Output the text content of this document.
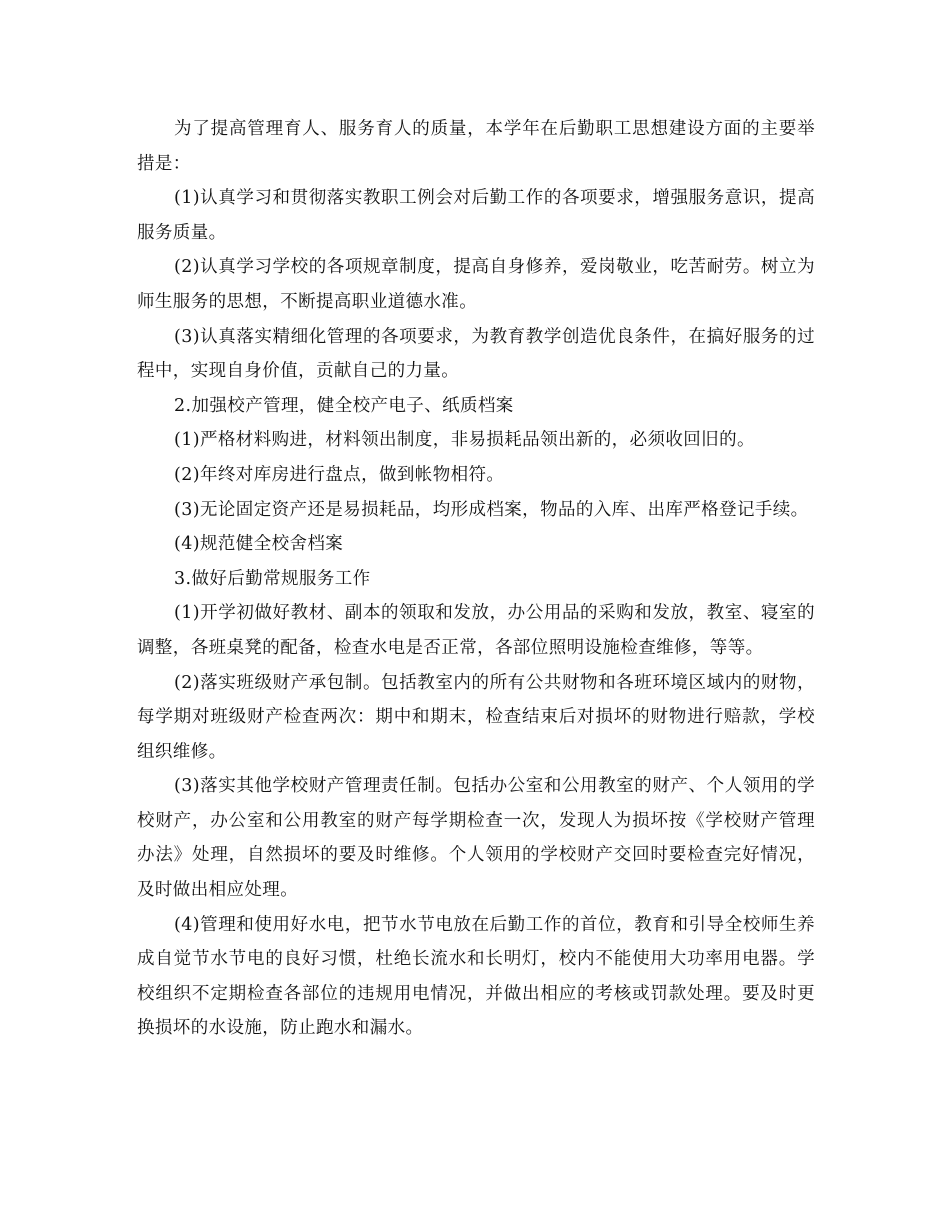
为了提高管理育人、服务育人的质量，本学年在后勤职工思想建设方面的主要举措是：

(1)认真学习和贯彻落实教职工例会对后勤工作的各项要求，增强服务意识，提高服务质量。

(2)认真学习学校的各项规章制度，提高自身修养，爱岗敬业，吃苦耐劳。树立为师生服务的思想，不断提高职业道德水准。

(3)认真落实精细化管理的各项要求，为教育教学创造优良条件，在搞好服务的过程中，实现自身价值，贡献自己的力量。

2.加强校产管理，健全校产电子、纸质档案

(1)严格材料购进，材料领出制度，非易损耗品领出新的，必须收回旧的。

(2)年终对库房进行盘点，做到帐物相符。

(3)无论固定资产还是易损耗品，均形成档案，物品的入库、出库严格登记手续。

(4)规范健全校舍档案

3.做好后勤常规服务工作

(1)开学初做好教材、副本的领取和发放，办公用品的采购和发放，教室、寝室的调整，各班桌凳的配备，检查水电是否正常，各部位照明设施检查维修，等等。

(2)落实班级财产承包制。包括教室内的所有公共财物和各班环境区域内的财物，每学期对班级财产检查两次：期中和期末，检查结束后对损坏的财物进行赔款，学校组织维修。

(3)落实其他学校财产管理责任制。包括办公室和公用教室的财产、个人领用的学校财产，办公室和公用教室的财产每学期检查一次，发现人为损坏按《学校财产管理办法》处理，自然损坏的要及时维修。个人领用的学校财产交回时要检查完好情况，及时做出相应处理。

(4)管理和使用好水电，把节水节电放在后勤工作的首位，教育和引导全校师生养成自觉节水节电的良好习惯，杜绝长流水和长明灯，校内不能使用大功率用电器。学校组织不定期检查各部位的违规用电情况，并做出相应的考核或罚款处理。要及时更换损坏的水设施，防止跑水和漏水。
